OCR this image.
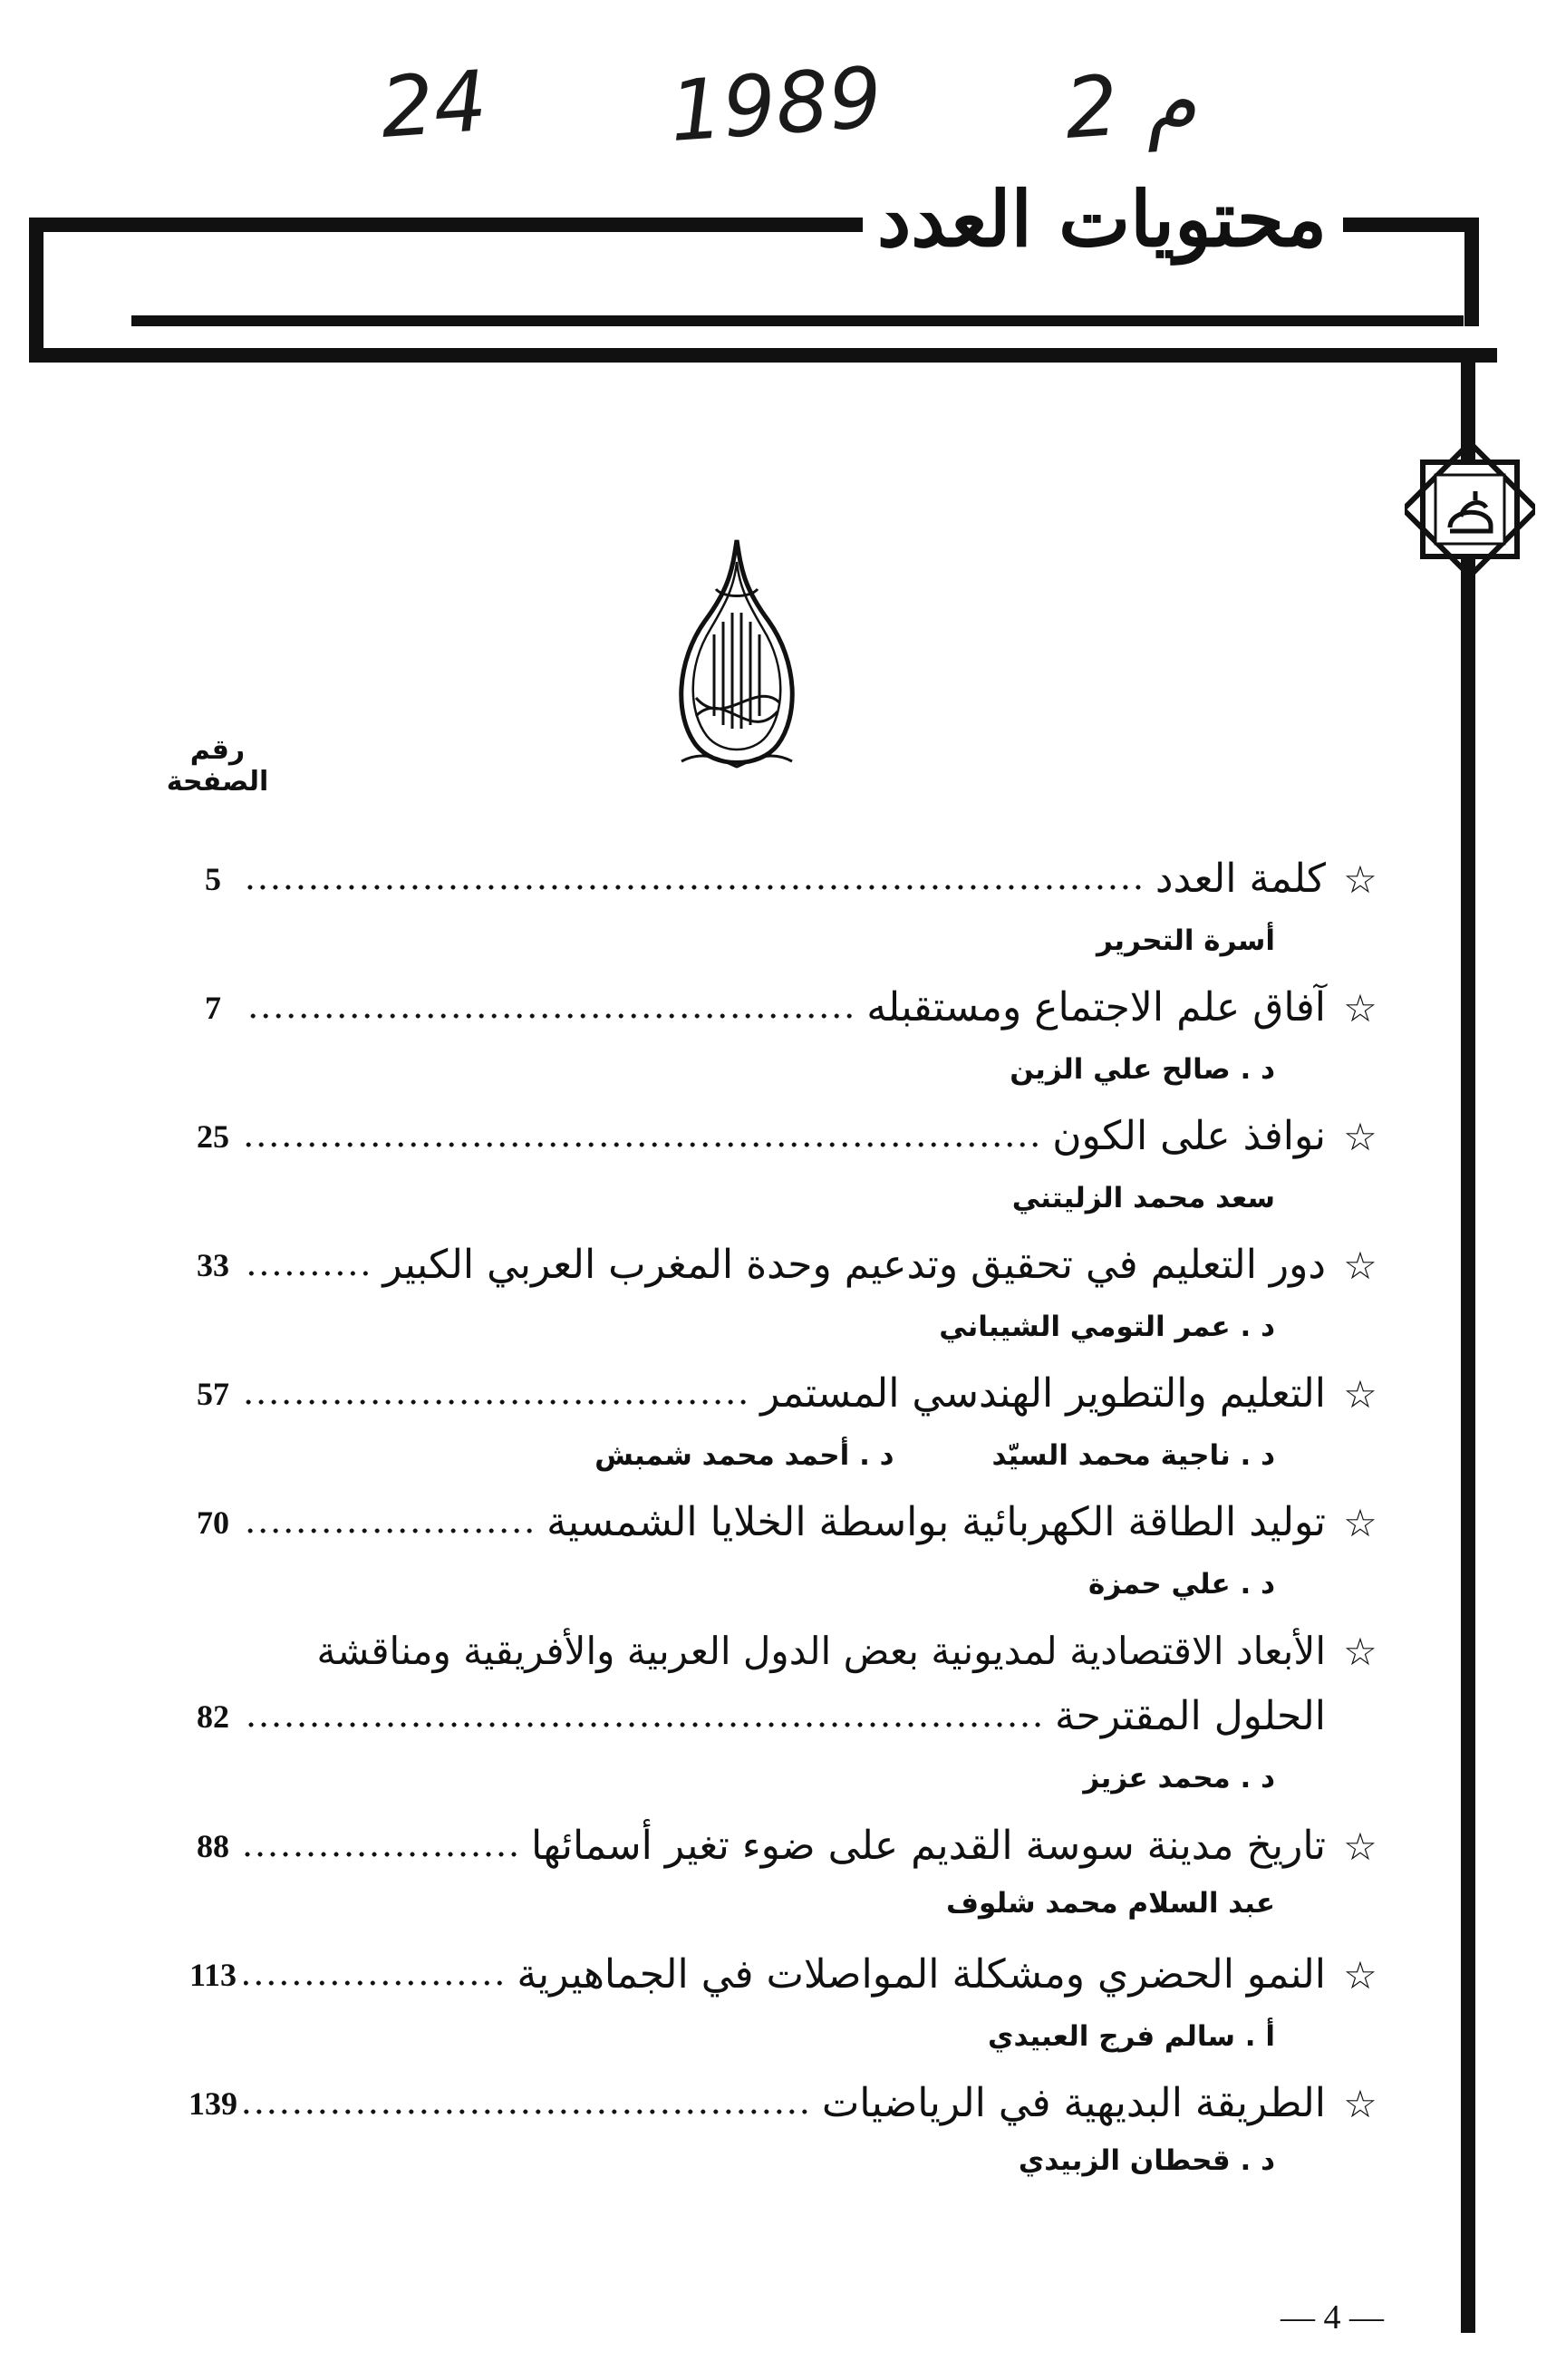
م 2
1989
24
محتويات العدد
رقم الصفحة
☆
كلمة العدد
5
أسرة التحرير
☆
آفاق علم الاجتماع ومستقبله
7
د . صالح علي الزين
☆
نوافذ على الكون
25
سعد محمد الزليتني
☆
دور التعليم في تحقيق وتدعيم وحدة المغرب العربي الكبير
33
د . عمر التومي الشيباني
☆
التعليم والتطوير الهندسي المستمر
57
د . ناجية محمد السيّد          د . أحمد محمد شمبش
☆
توليد الطاقة الكهربائية بواسطة الخلايا الشمسية
70
د . علي حمزة
☆
الأبعاد الاقتصادية لمديونية بعض الدول العربية والأفريقية ومناقشة
الحلول المقترحة
82
د . محمد عزيز
☆
تاريخ مدينة سوسة القديم على ضوء تغير أسمائها
88
عبد السلام محمد شلوف
☆
النمو الحضري ومشكلة المواصلات في الجماهيرية
113
أ . سالم فرج العبيدي
☆
الطريقة البديهية في الرياضيات
139
د . قحطان الزبيدي
— 4 —
